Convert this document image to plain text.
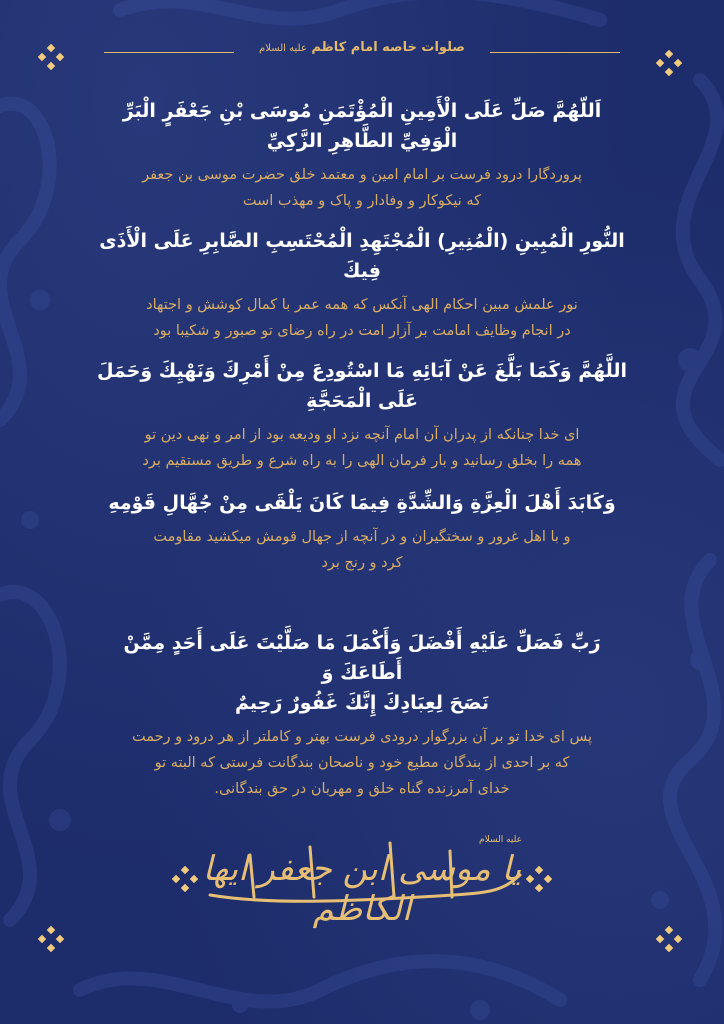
صلوات خاصه امام کاظم علیه السلام
اَللّهُمَّ صَلِّ عَلَى الْأَمِينِ الْمُؤْتَمَنِ مُوسَى بْنِ جَعْفَرٍ الْبَرِّ الْوَفِيِّ الطَّاهِرِ الزَّكِيِّ
پروردگارا درود فرست بر امام امین و معتمد خلق حضرت موسی بن جعفر
که نیکوکار و وفادار و پاک و مهذب است
النُّورِ الْمُبِينِ (الْمُنِيرِ) الْمُجْتَهِدِ الْمُحْتَسِبِ الصَّابِرِ عَلَى الْأَذَى فِيكَ
نور علمش مبین احکام الهی آنکس که همه عمر با کمال کوشش و اجتهاد
در انجام وظایف امامت بر آزار امت در راه رضای تو صبور و شکیبا بود
اللَّهُمَّ وَكَمَا بَلَّغَ عَنْ آبَائِهِ مَا اسْتُودِعَ مِنْ أَمْرِكَ وَنَهْيِكَ وَحَمَلَ عَلَى الْمَحَجَّةِ
ای خدا چنانکه از پدران آن امام آنچه نزد او ودیعه بود از امر و نهی دین تو
همه را بخلق رسانید و بار فرمان الهی را به راه شرع و طریق مستقیم برد
وَكَابَدَ أَهْلَ الْعِزَّةِ وَالشِّدَّةِ فِيمَا كَانَ يَلْقَى مِنْ جُهَّالِ قَوْمِهِ
و با اهل غرور و سختگیران و در آنچه از جهال قومش میکشید مقاومت
کرد و رنج برد
رَبِّ فَصَلِّ عَلَيْهِ أَفْضَلَ وَأَكْمَلَ مَا صَلَّيْتَ عَلَى أَحَدٍ مِمَّنْ أَطَاعَكَ وَ
نَصَحَ لِعِبَادِكَ إِنَّكَ غَفُورٌ رَحِيمٌ
پس ای خدا تو بر آن بزرگوار درودی فرست بهتر و کاملتر از هر درود و رحمت
که بر احدی از بندگان مطیع خود و ناصحان بندگانت فرستی که البته تو
خدای آمرزنده گناه خلق و مهربان در حق بندگانی.
یا موسی ابن جعفر ایها الکاظم
علیه السلام
